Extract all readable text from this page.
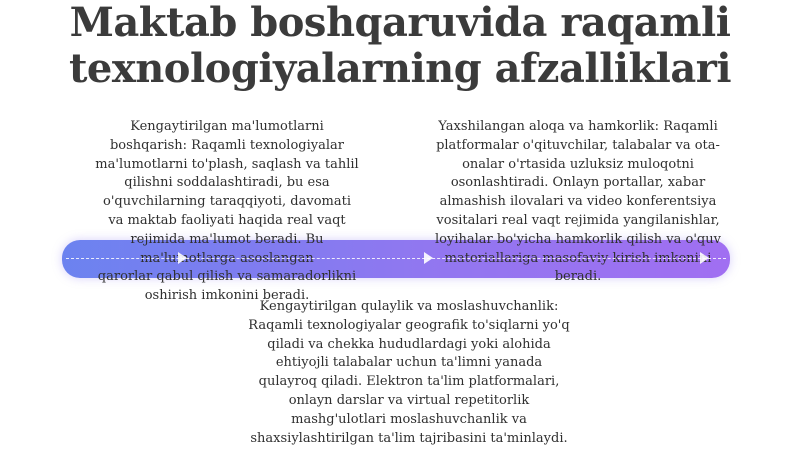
Maktab boshqaruvida raqamli
texnologiyalarning afzalliklari

Kengaytirilgan ma'lumotlarni
boshqarish: Raqamli texnologiyalar
ma'lumotlarni to'plash, saqlash va tahlil
qilishni soddalashtiradi, bu esa
o'quvchilarning taraqqiyoti, davomati
va maktab faoliyati haqida real vaqt
rejimida ma'lumot beradi. Bu
ma'lumotlarga asoslangan
qarorlar qabul qilish va samaradorlikni
oshirish imkonini beradi.

Yaxshilangan aloqa va hamkorlik: Raqamli
platformalar o'qituvchilar, talabalar va ota-
onalar o'rtasida uzluksiz muloqotni
osonlashtiradi. Onlayn portallar, xabar
almashish ilovalari va video konferentsiya
vositalari real vaqt rejimida yangilanishlar,
loyihalar bo'yicha hamkorlik qilish va o'quv
materiallariga masofaviy kirish imkonini
beradi.

Kengaytirilgan qulaylik va moslashuvchanlik:
Raqamli texnologiyalar geografik to'siqlarni yo'q
qiladi va chekka hududlardagi yoki alohida
ehtiyojli talabalar uchun ta'limni yanada
qulayroq qiladi. Elektron ta'lim platformalari,
onlayn darslar va virtual repetitorlik
mashg'ulotlari moslashuvchanlik va
shaxsiylashtirilgan ta'lim tajribasini ta'minlaydi.
